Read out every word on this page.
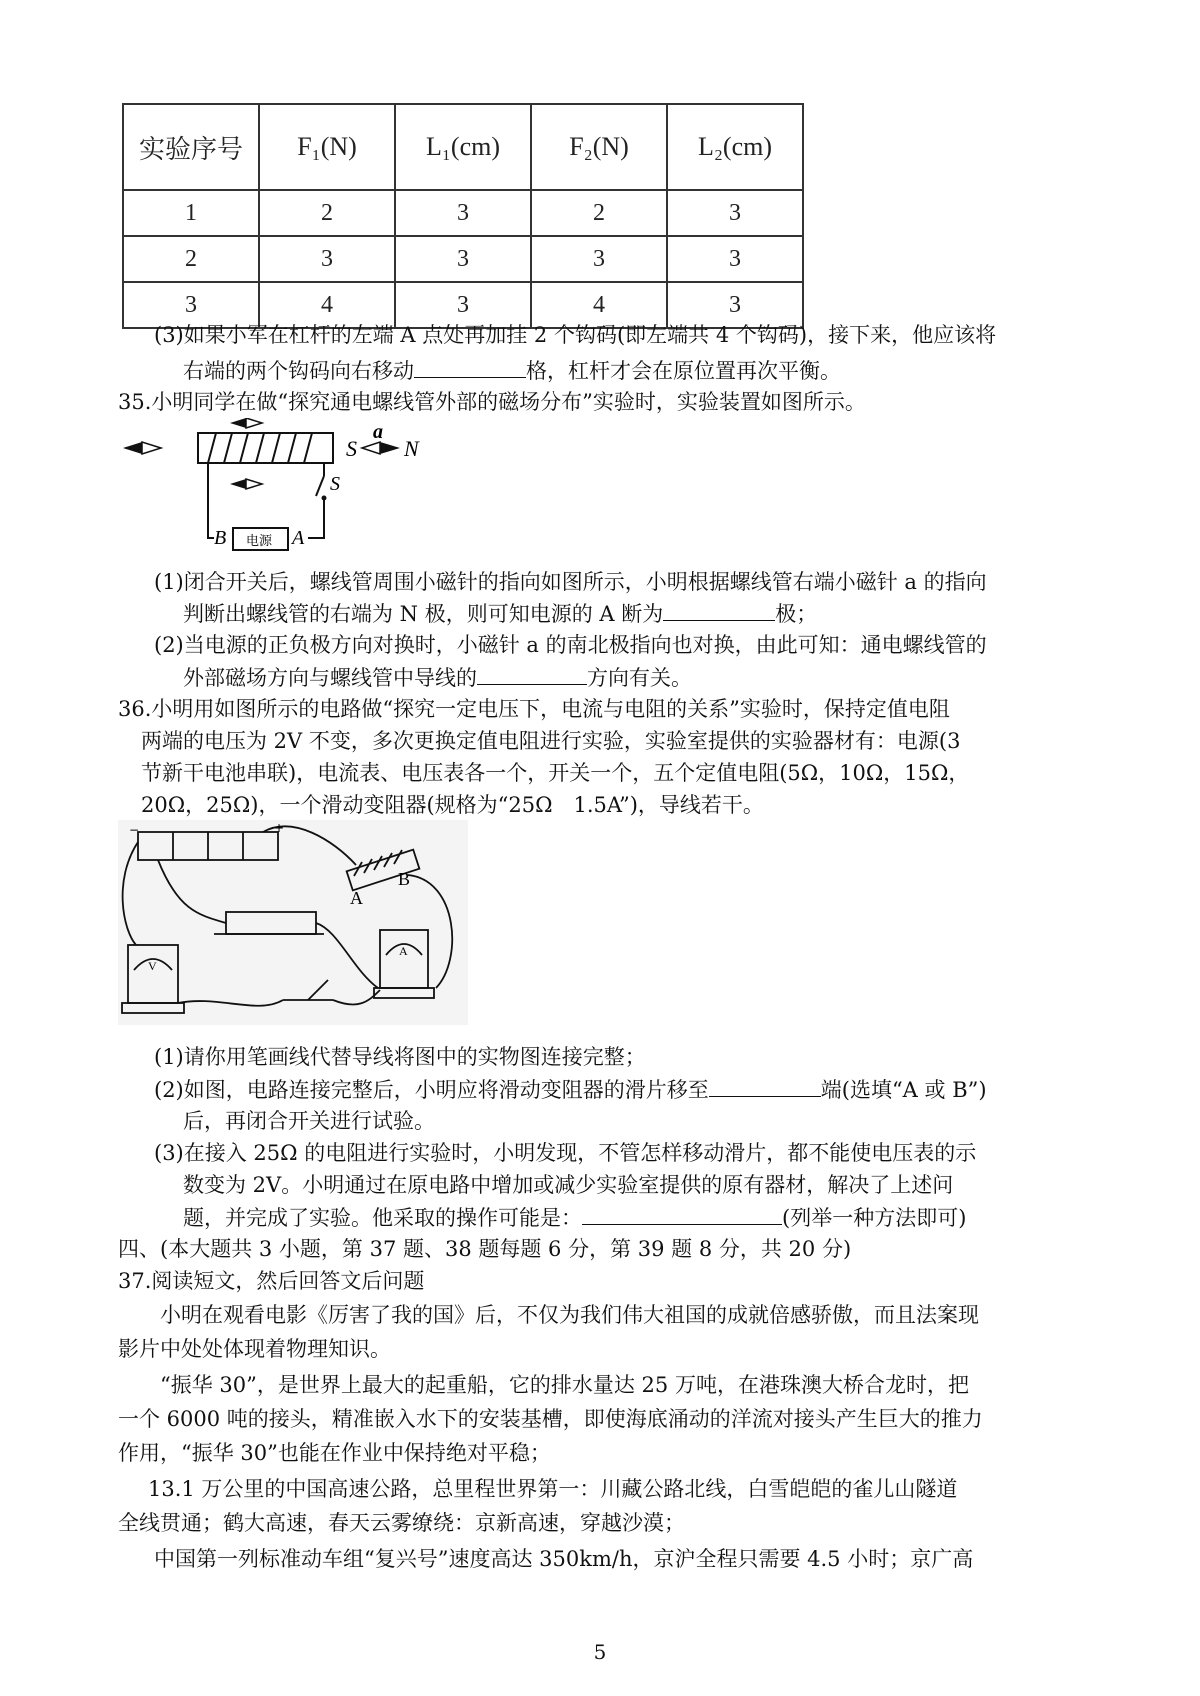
实验序号	F₁(N)	L₁(cm)	F₂(N)	L₂(cm)
1	2	3	2	3
2	3	3	3	3
3	4	3	4	3
(3)如果小军在杠杆的左端 A 点处再加挂 2 个钩码(即左端共 4 个钩码)，接下来，他应该将
右端的两个钩码向右移动	格，杠杆才会在原位置再次平衡。
35.小明同学在做“探究通电螺线管外部的磁场分布”实验时，实验装置如图所示。
S
a
N
S
B	A
电源
(1)闭合开关后，螺线管周围小磁针的指向如图所示，小明根据螺线管右端小磁针 a 的指向
判断出螺线管的右端为 N 极，则可知电源的 A 断为	极；
(2)当电源的正负极方向对换时，小磁针 a 的南北极指向也对换，由此可知：通电螺线管的
外部磁场方向与螺线管中导线的	方向有关。
36.小明用如图所示的电路做“探究一定电压下，电流与电阻的关系”实验时，保持定值电阻
两端的电压为 2V 不变，多次更换定值电阻进行实验，实验室提供的实验器材有：电源(3
节新干电池串联)，电流表、电压表各一个，开关一个，五个定值电阻(5Ω，10Ω，15Ω，
20Ω，25Ω)，一个滑动变阻器(规格为“25Ω　1.5A”)，导线若干。
−	+
A
B
V
A
(1)请你用笔画线代替导线将图中的实物图连接完整；
(2)如图，电路连接完整后，小明应将滑动变阻器的滑片移至	端(选填“A 或 B”)
后，再闭合开关进行试验。
(3)在接入 25Ω 的电阻进行实验时，小明发现，不管怎样移动滑片，都不能使电压表的示
数变为 2V。小明通过在原电路中增加或减少实验室提供的原有器材，解决了上述问
题，并完成了实验。他采取的操作可能是：	(列举一种方法即可)
四、(本大题共 3 小题，第 37 题、38 题每题 6 分，第 39 题 8 分，共 20 分)
37.阅读短文，然后回答文后问题
小明在观看电影《厉害了我的国》后，不仅为我们伟大祖国的成就倍感骄傲，而且法案现
影片中处处体现着物理知识。
“振华 30”，是世界上最大的起重船，它的排水量达 25 万吨，在港珠澳大桥合龙时，把
一个 6000 吨的接头，精准嵌入水下的安装基槽，即使海底涌动的洋流对接头产生巨大的推力
作用，“振华 30”也能在作业中保持绝对平稳；
13.1 万公里的中国高速公路，总里程世界第一：川藏公路北线，白雪皑皑的雀儿山隧道
全线贯通；鹤大高速，春天云雾缭绕：京新高速，穿越沙漠；
中国第一列标准动车组“复兴号”速度高达 350km/h，京沪全程只需要 4.5 小时；京广高
5
